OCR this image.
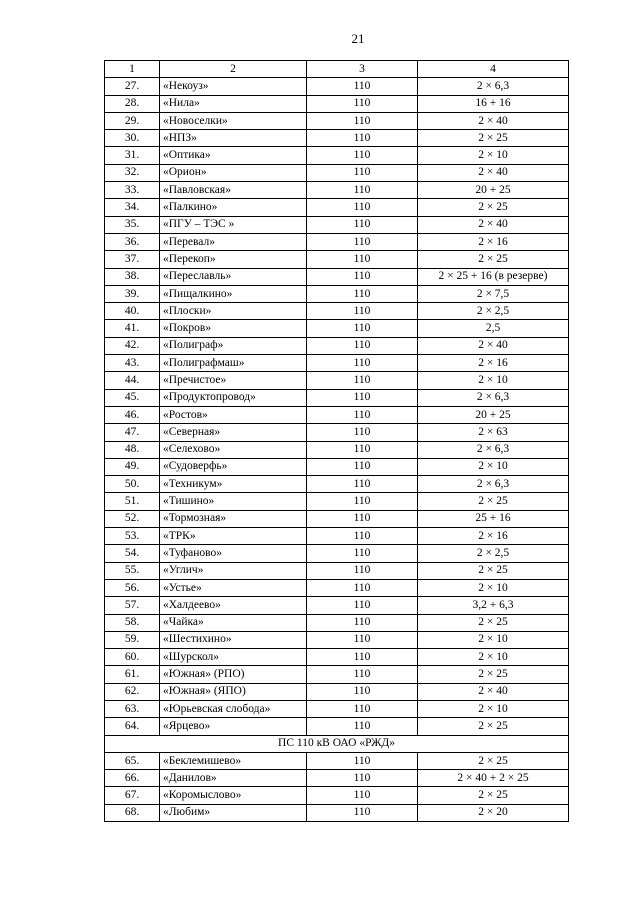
21
1	2	3	4
27.	«Некоуз»	110	2 × 6,3
28.	«Нила»	110	16 + 16
29.	«Новоселки»	110	2 × 40
30.	«НПЗ»	110	2 × 25
31.	«Оптика»	110	2 × 10
32.	«Орион»	110	2 × 40
33.	«Павловская»	110	20 + 25
34.	«Палкино»	110	2 × 25
35.	«ПГУ – ТЭС »	110	2 × 40
36.	«Перевал»	110	2 × 16
37.	«Перекоп»	110	2 × 25
38.	«Переславль»	110	2 × 25 + 16 (в резерве)
39.	«Пищалкино»	110	2 × 7,5
40.	«Плоски»	110	2 × 2,5
41.	«Покров»	110	2,5
42.	«Полиграф»	110	2 × 40
43.	«Полиграфмаш»	110	2 × 16
44.	«Пречистое»	110	2 × 10
45.	«Продуктопровод»	110	2 × 6,3
46.	«Ростов»	110	20 + 25
47.	«Северная»	110	2 × 63
48.	«Селехово»	110	2 × 6,3
49.	«Судоверфь»	110	2 × 10
50.	«Техникум»	110	2 × 6,3
51.	«Тишино»	110	2 × 25
52.	«Тормозная»	110	25 + 16
53.	«ТРК»	110	2 × 16
54.	«Туфаново»	110	2 × 2,5
55.	«Углич»	110	2 × 25
56.	«Устье»	110	2 × 10
57.	«Халдеево»	110	3,2 + 6,3
58.	«Чайка»	110	2 × 25
59.	«Шестихино»	110	2 × 10
60.	«Шурскол»	110	2 × 10
61.	«Южная» (РПО)	110	2 × 25
62.	«Южная» (ЯПО)	110	2 × 40
63.	«Юрьевская слобода»	110	2 × 10
64.	«Ярцево»	110	2 × 25
ПС 110 кВ ОАО «РЖД»			
65.	«Беклемишево»	110	2 × 25
66.	«Данилов»	110	2 × 40 + 2 × 25
67.	«Коромыслово»	110	2 × 25
68.	«Любим»	110	2 × 20
